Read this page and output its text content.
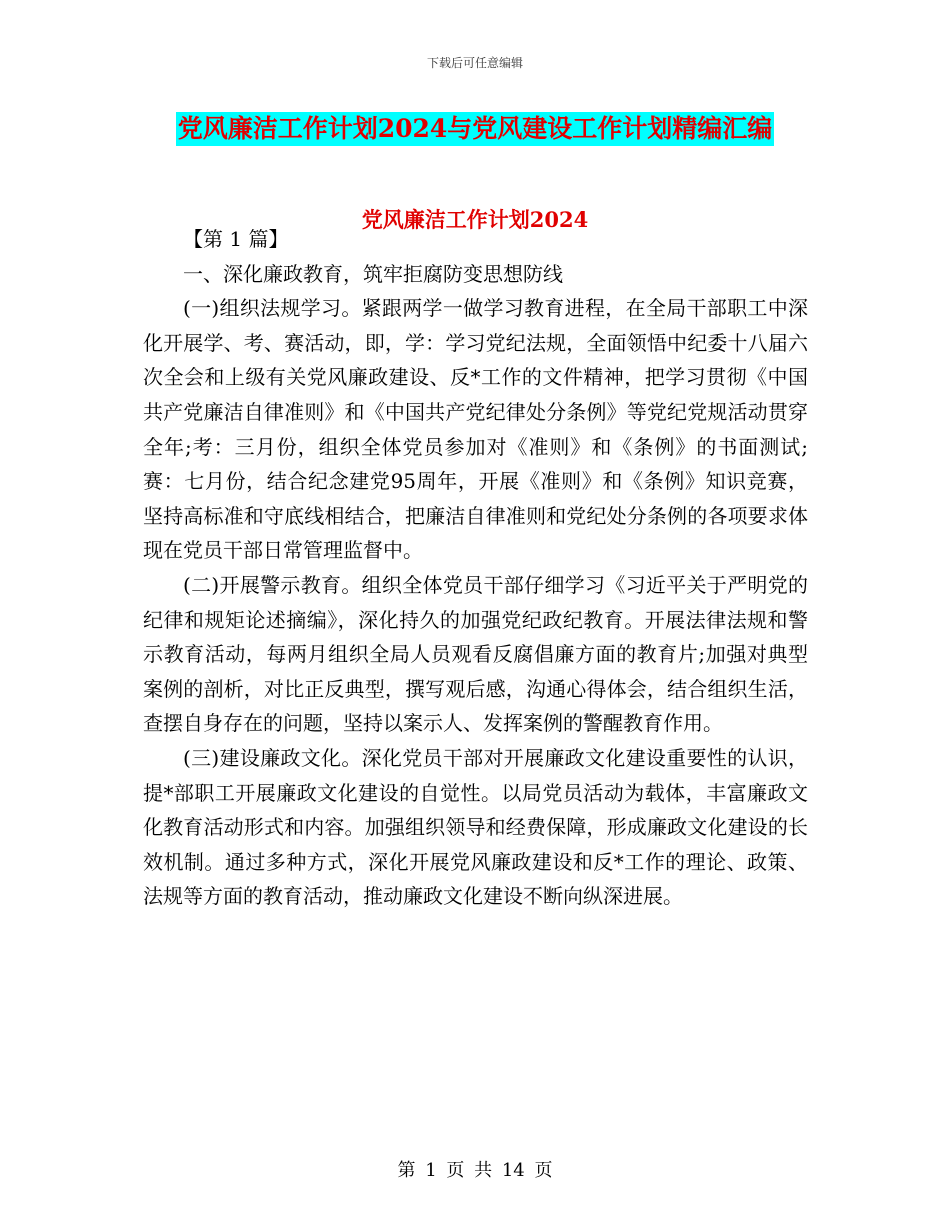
下载后可任意编辑
党风廉洁工作计划2024与党风建设工作计划精编汇编
党风廉洁工作计划2024

【第 1 篇】

一、深化廉政教育，筑牢拒腐防变思想防线

(一)组织法规学习。紧跟两学一做学习教育进程，在全局干部职工中深化开展学、考、赛活动，即，学：学习党纪法规，全面领悟中纪委十八届六次全会和上级有关党风廉政建设、反*工作的文件精神，把学习贯彻《中国共产党廉洁自律准则》和《中国共产党纪律处分条例》等党纪党规活动贯穿全年;考：三月份，组织全体党员参加对《准则》和《条例》的书面测试;赛：七月份，结合纪念建党95周年，开展《准则》和《条例》知识竞赛，坚持高标准和守底线相结合，把廉洁自律准则和党纪处分条例的各项要求体现在党员干部日常管理监督中。

(二)开展警示教育。组织全体党员干部仔细学习《习近平关于严明党的纪律和规矩论述摘编》，深化持久的加强党纪政纪教育。开展法律法规和警示教育活动，每两月组织全局人员观看反腐倡廉方面的教育片;加强对典型案例的剖析，对比正反典型，撰写观后感，沟通心得体会，结合组织生活，查摆自身存在的问题，坚持以案示人、发挥案例的警醒教育作用。

(三)建设廉政文化。深化党员干部对开展廉政文化建设重要性的认识，提*部职工开展廉政文化建设的自觉性。以局党员活动为载体，丰富廉政文化教育活动形式和内容。加强组织领导和经费保障，形成廉政文化建设的长效机制。通过多种方式，深化开展党风廉政建设和反*工作的理论、政策、法规等方面的教育活动，推动廉政文化建设不断向纵深进展。

第 1 页 共 14 页
